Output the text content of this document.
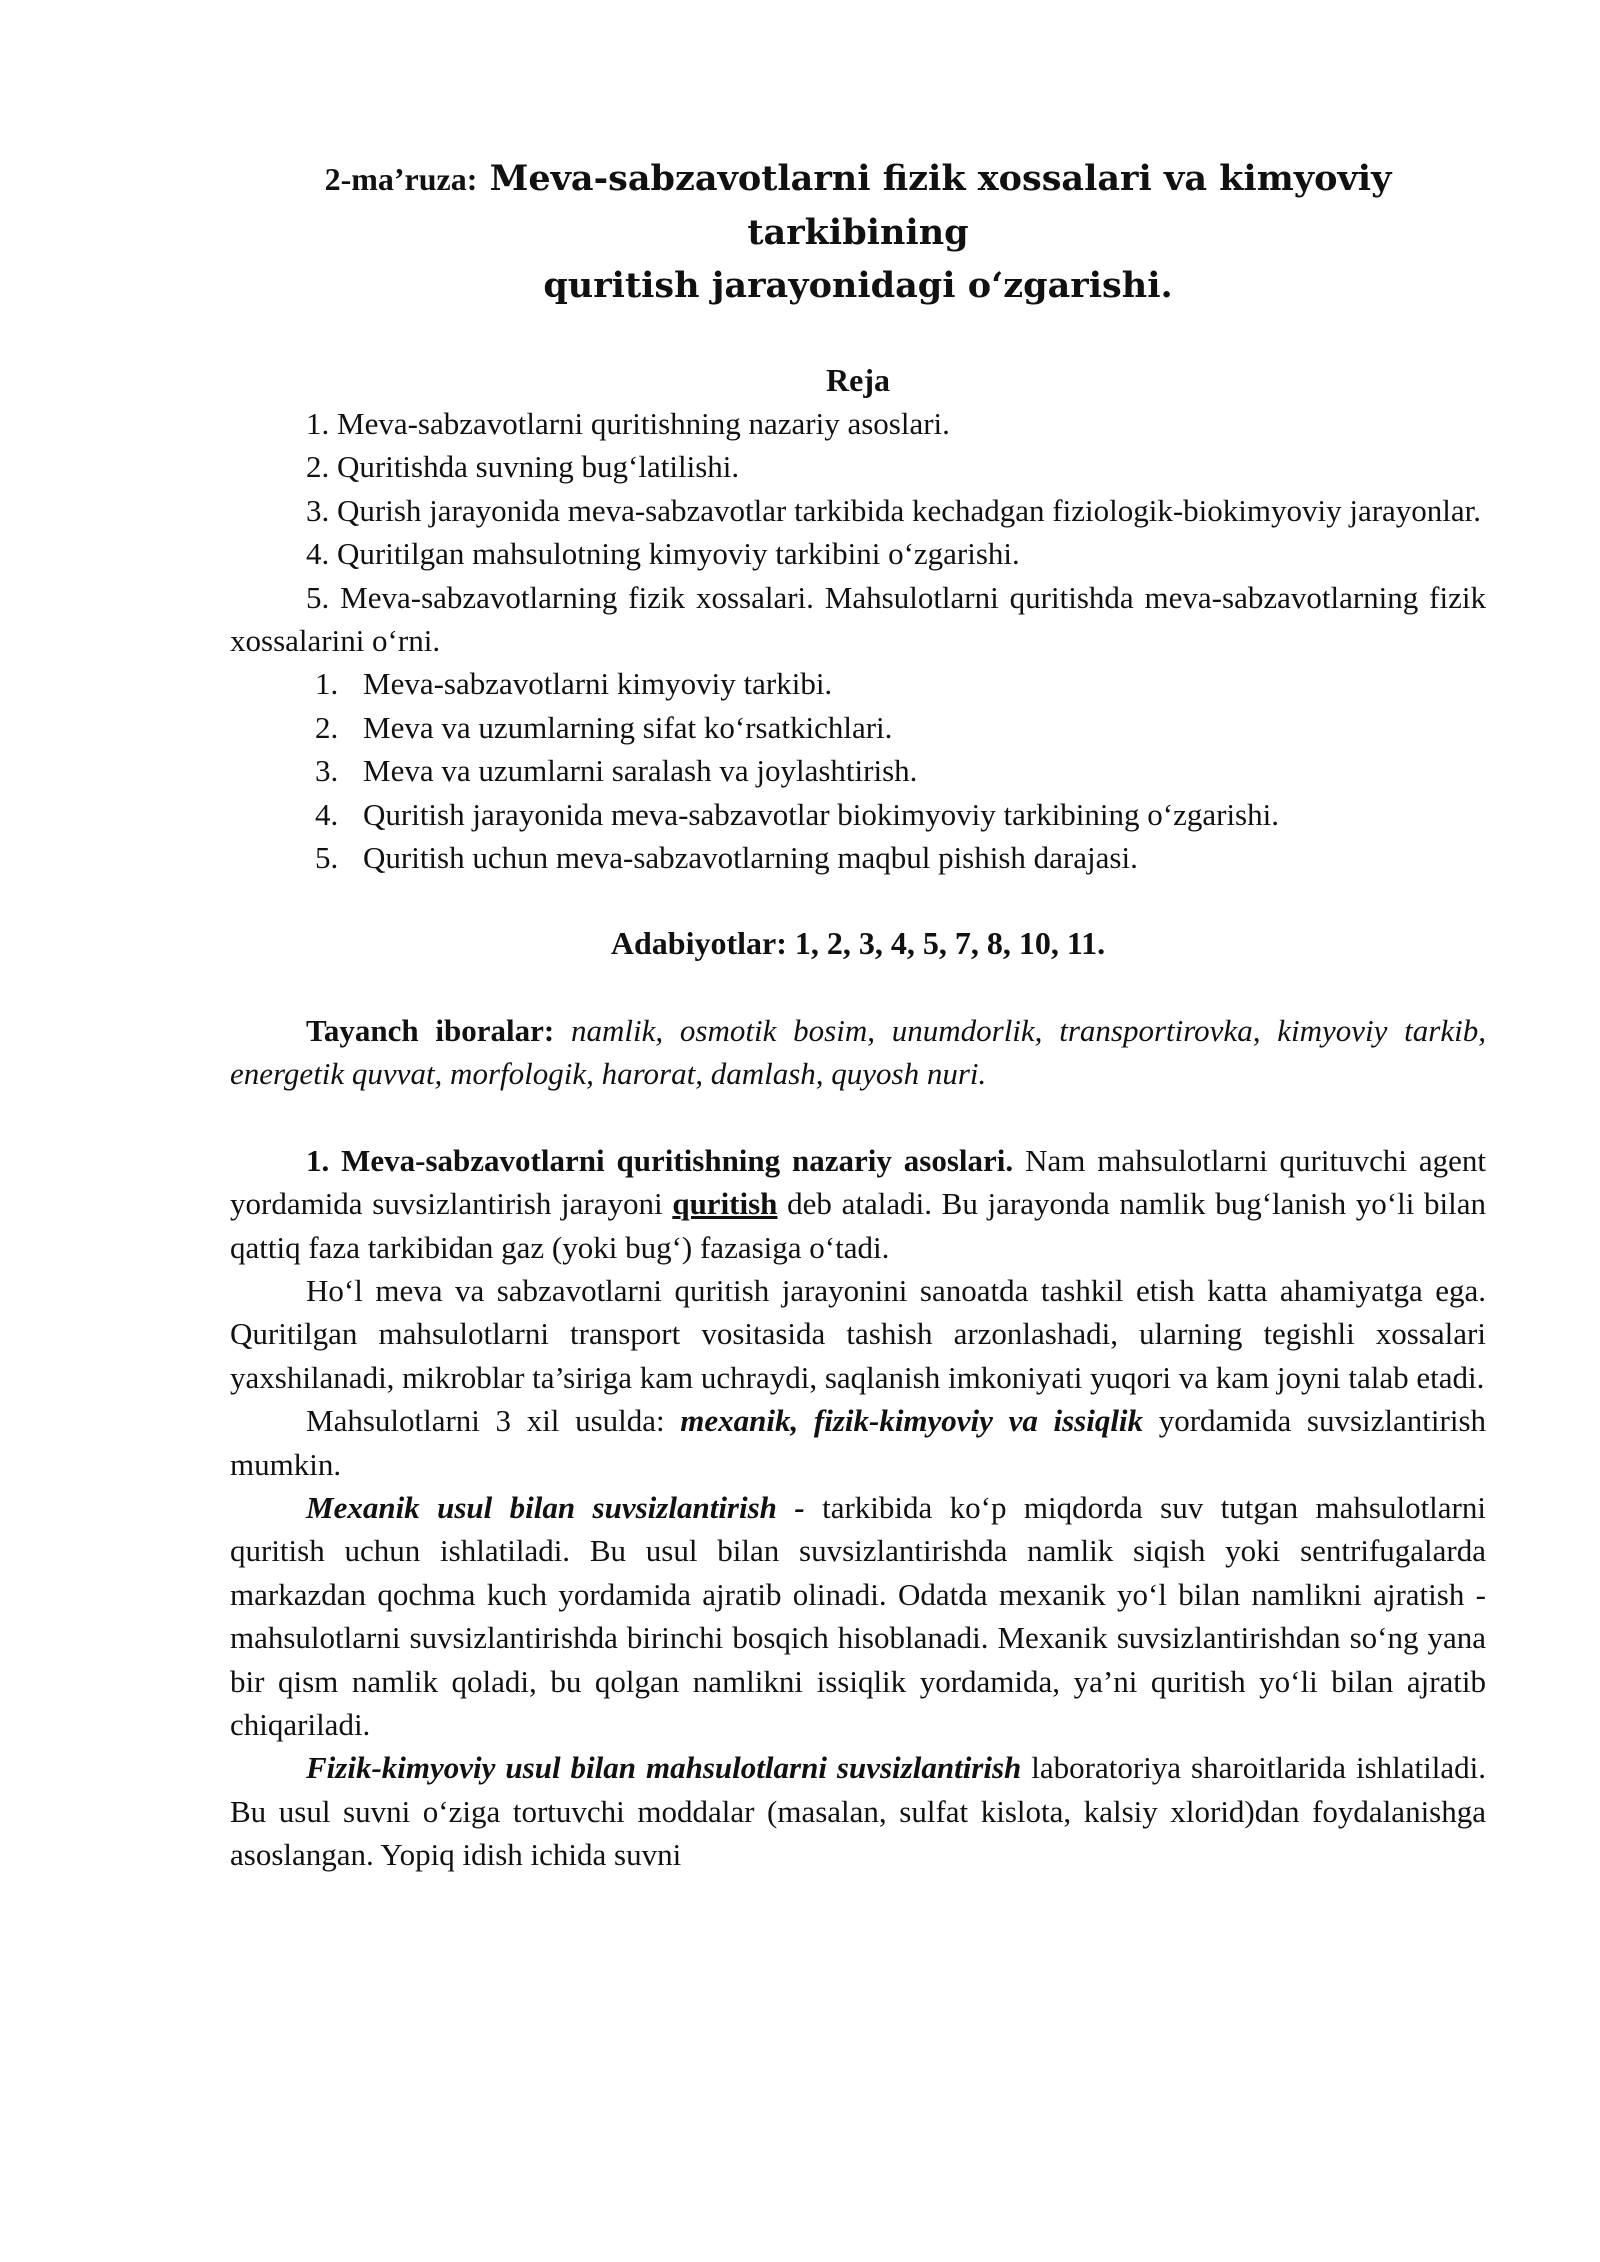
2-ma’ruza: Meva-sabzavotlarni fizik xossalari va kimyoviy tarkibining
quritish jarayonidagi o‘zgarishi.

Reja

1. Meva-sabzavotlarni quritishning nazariy asoslari.

2. Quritishda suvning bug‘latilishi.

3. Qurish jarayonida meva-sabzavotlar tarkibida kechadgan fiziologik-biokimyoviy jarayonlar.

4. Quritilgan mahsulotning kimyoviy tarkibini o‘zgarishi.

5. Meva-sabzavotlarning fizik xossalari. Mahsulotlarni quritishda meva-sabzavotlarning fizik xossalarini o‘rni.

1. Meva-sabzavotlarni kimyoviy tarkibi.
2. Meva va uzumlarning sifat ko‘rsatkichlari.
3. Meva va uzumlarni saralash va joylashtirish.
4. Quritish jarayonida meva-sabzavotlar biokimyoviy tarkibining o‘zgarishi.
5. Quritish uchun meva-sabzavotlarning maqbul pishish darajasi.

Adabiyotlar: 1, 2, 3, 4, 5, 7, 8, 10, 11.

Tayanch iboralar: namlik, osmotik bosim, unumdorlik, transportirovka, kimyoviy tarkib, energetik quvvat, morfologik, harorat, damlash, quyosh nuri.

1. Meva-sabzavotlarni quritishning nazariy asoslari. Nam mahsulotlarni qurituvchi agent yordamida suvsizlantirish jarayoni quritish deb ataladi. Bu jarayonda namlik bug‘lanish yo‘li bilan qattiq faza tarkibidan gaz (yoki bug‘) fazasiga o‘tadi.

Ho‘l meva va sabzavotlarni quritish jarayonini sanoatda tashkil etish katta ahamiyatga ega. Quritilgan mahsulotlarni transport vositasida tashish arzonlashadi, ularning tegishli xossalari yaxshilanadi, mikroblar ta’siriga kam uchraydi, saqlanish imkoniyati yuqori va kam joyni talab etadi.

Mahsulotlarni 3 xil usulda: mexanik, fizik-kimyoviy va issiqlik yordamida suvsizlantirish mumkin.

Mexanik usul bilan suvsizlantirish - tarkibida ko‘p miqdorda suv tutgan mahsulotlarni quritish uchun ishlatiladi. Bu usul bilan suvsizlantirishda namlik siqish yoki sentrifugalarda markazdan qochma kuch yordamida ajratib olinadi. Odatda mexanik yo‘l bilan namlikni ajratish - mahsulotlarni suvsizlantirishda birinchi bosqich hisoblanadi. Mexanik suvsizlantirishdan so‘ng yana bir qism namlik qoladi, bu qolgan namlikni issiqlik yordamida, ya’ni quritish yo‘li bilan ajratib chiqariladi.

Fizik-kimyoviy usul bilan mahsulotlarni suvsizlantirish laboratoriya sharoitlarida ishlatiladi. Bu usul suvni o‘ziga tortuvchi moddalar (masalan, sulfat kislota, kalsiy xlorid)dan foydalanishga asoslangan. Yopiq idish ichida suvni
